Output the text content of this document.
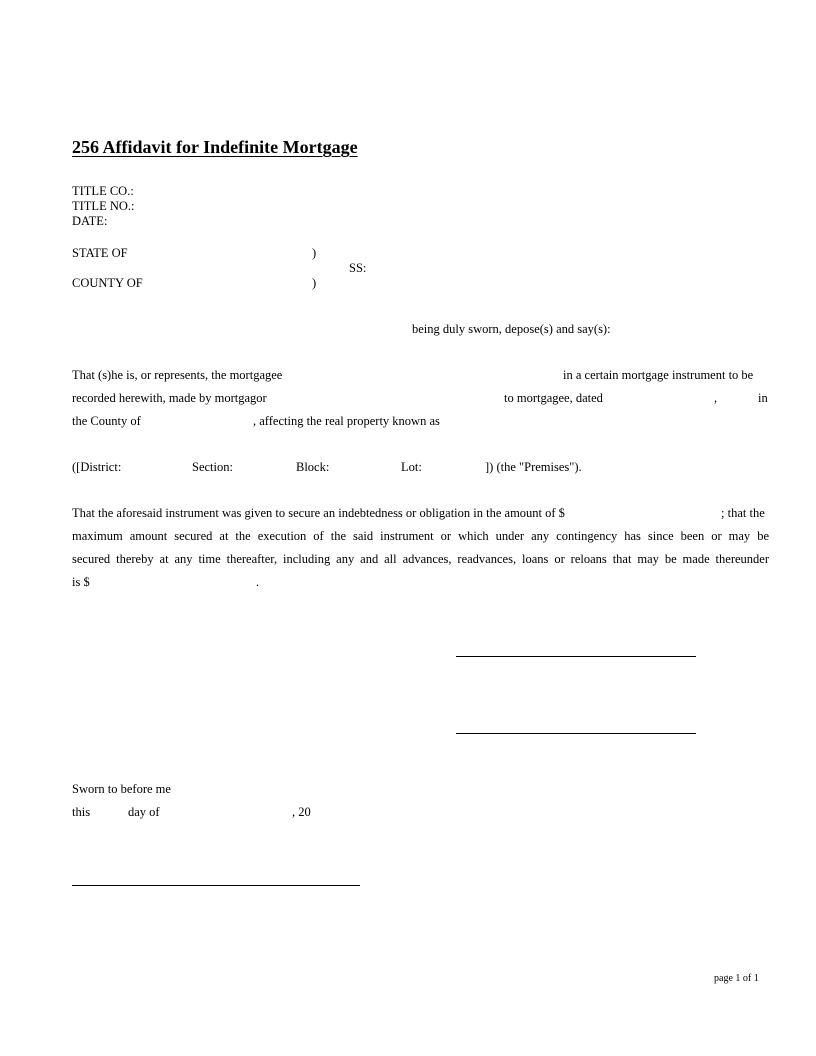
256 Affidavit for Indefinite Mortgage
TITLE CO.:
TITLE NO.:
DATE:
STATE OF	)
SS:
COUNTY OF	)
being duly sworn, depose(s) and say(s):
That (s)he is, or represents, the mortgagee	in a certain mortgage instrument to be
recorded herewith, made by mortgagor	to mortgagee, dated	,	in
the County of	, affecting the real property known as
([District:	Section:	Block:	Lot:	]) (the "Premises").
That the aforesaid instrument was given to secure an indebtedness or obligation in the amount of $	; that the
maximum amount secured at the execution of the said instrument or which under any contingency has since been or may be
secured thereby at any time thereafter, including any and all advances, readvances, loans or reloans that may be made thereunder
is $	.
Sworn to before me
this	day of	, 20
page 1 of 1
